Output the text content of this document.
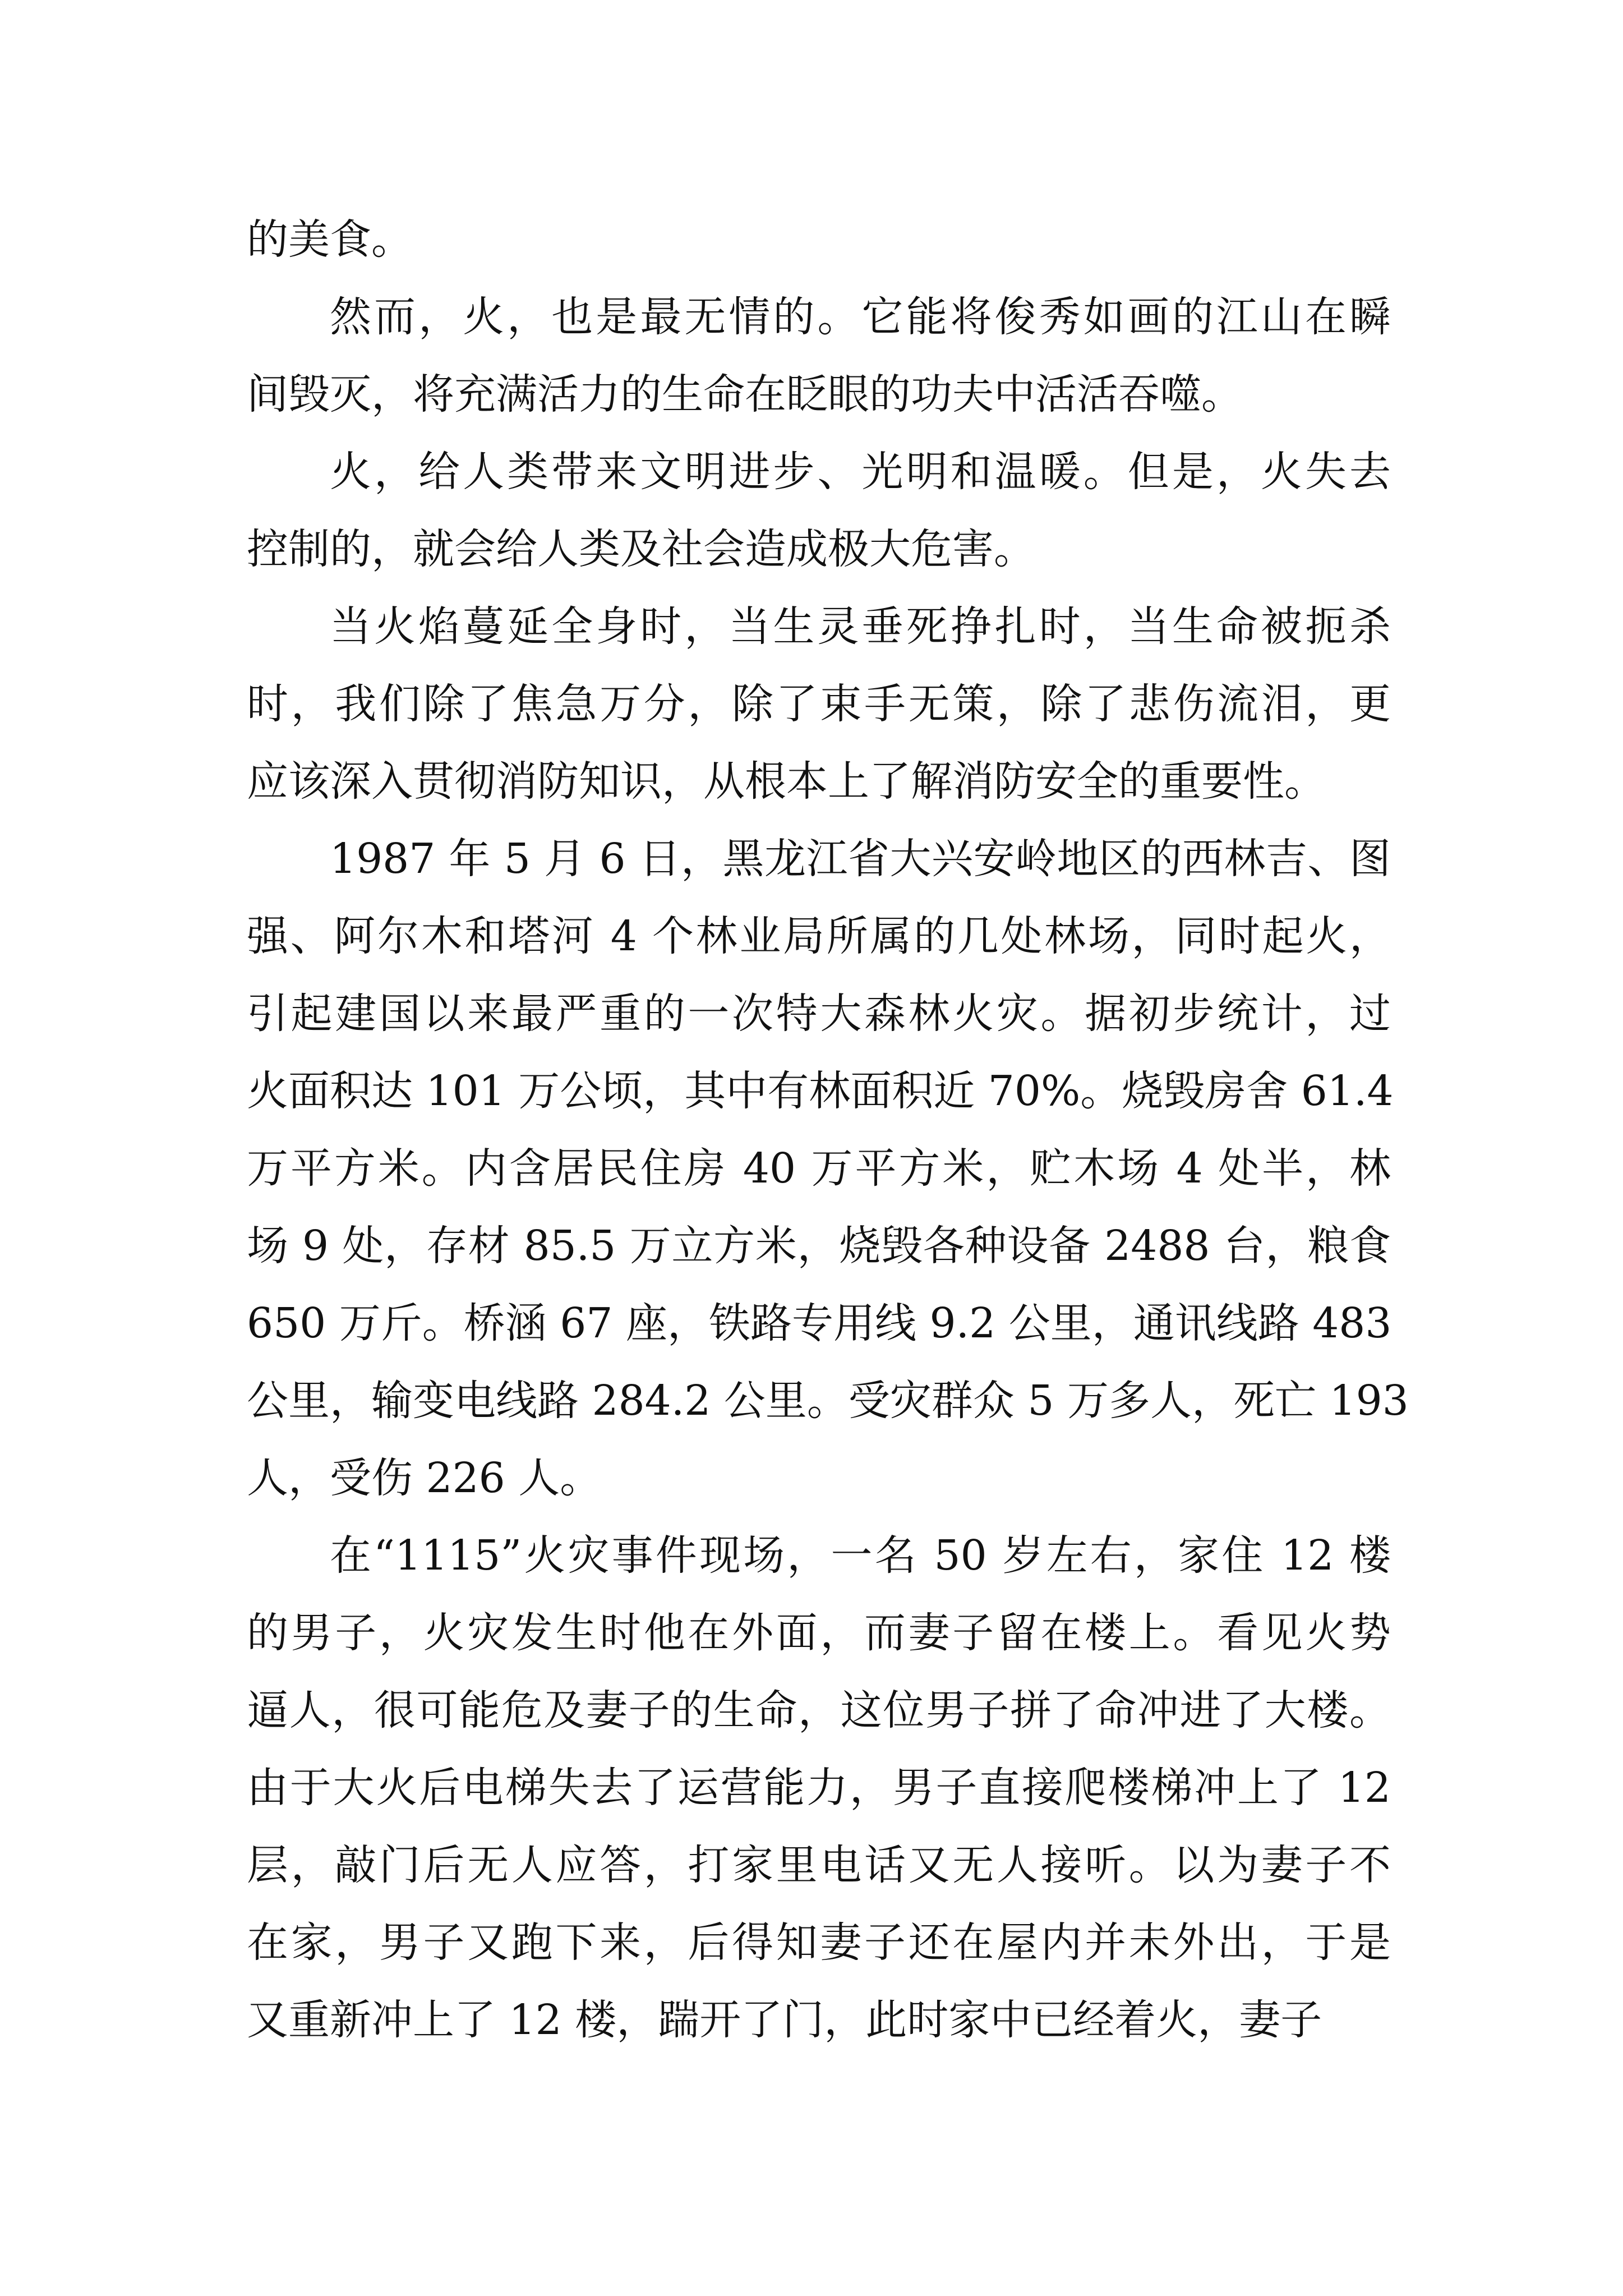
的美食。
然而，火，也是最无情的。它能将俊秀如画的江山在瞬
间毁灭，将充满活力的生命在眨眼的功夫中活活吞噬。
火，给人类带来文明进步、光明和温暖。但是，火失去
控制的，就会给人类及社会造成极大危害。
当火焰蔓延全身时，当生灵垂死挣扎时，当生命被扼杀
时，我们除了焦急万分，除了束手无策，除了悲伤流泪，更
应该深入贯彻消防知识，从根本上了解消防安全的重要性。
1987 年 5 月 6 日，黑龙江省大兴安岭地区的西林吉、图
强、阿尔木和塔河 4 个林业局所属的几处林场，同时起火，
引起建国以来最严重的一次特大森林火灾。据初步统计，过
火面积达 101 万公顷，其中有林面积近 70%。烧毁房舍 61.4
万平方米。内含居民住房 40 万平方米，贮木场 4 处半，林
场 9 处，存材 85.5 万立方米，烧毁各种设备 2488 台，粮食
650 万斤。桥涵 67 座，铁路专用线 9.2 公里，通讯线路 483
公里，输变电线路 284.2 公里。受灾群众 5 万多人，死亡 193
人，受伤 226 人。
在“1115”火灾事件现场，一名 50 岁左右，家住 12 楼
的男子，火灾发生时他在外面，而妻子留在楼上。看见火势
逼人，很可能危及妻子的生命，这位男子拼了命冲进了大楼。
由于大火后电梯失去了运营能力，男子直接爬楼梯冲上了 12
层，敲门后无人应答，打家里电话又无人接听。以为妻子不
在家，男子又跑下来，后得知妻子还在屋内并未外出，于是
又重新冲上了 12 楼，踹开了门，此时家中已经着火，妻子
